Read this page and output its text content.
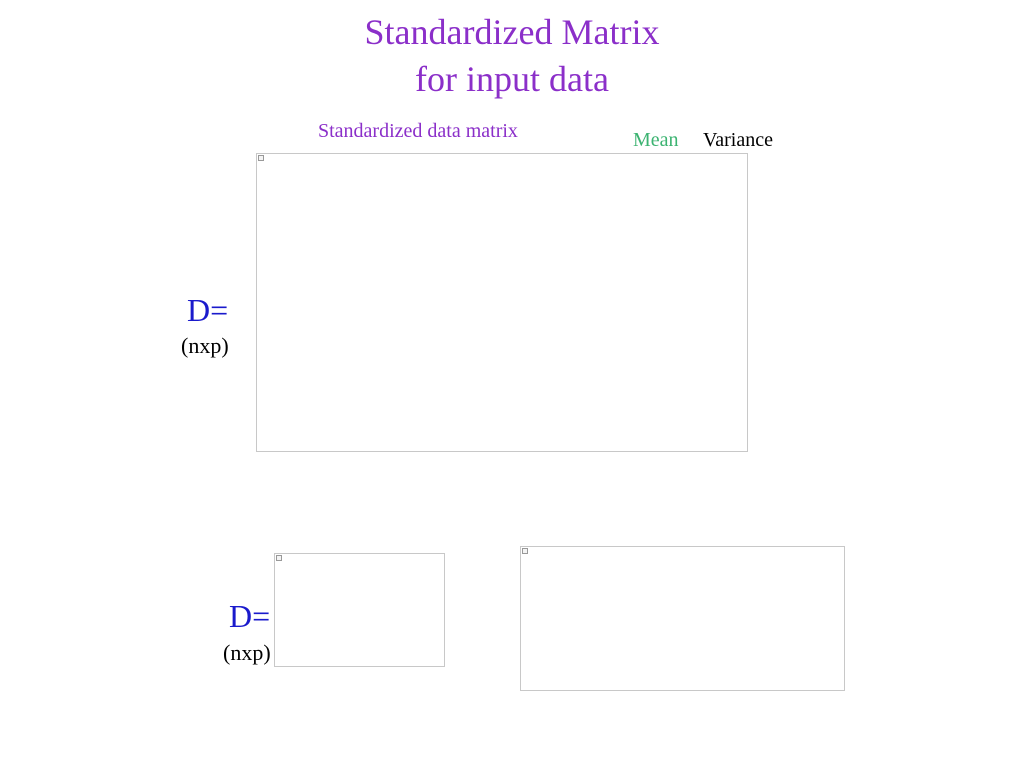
Standardized Matrix
for input data
Standardized data matrix	Mean Variance
D=
(nxp)
D=
(nxp)
